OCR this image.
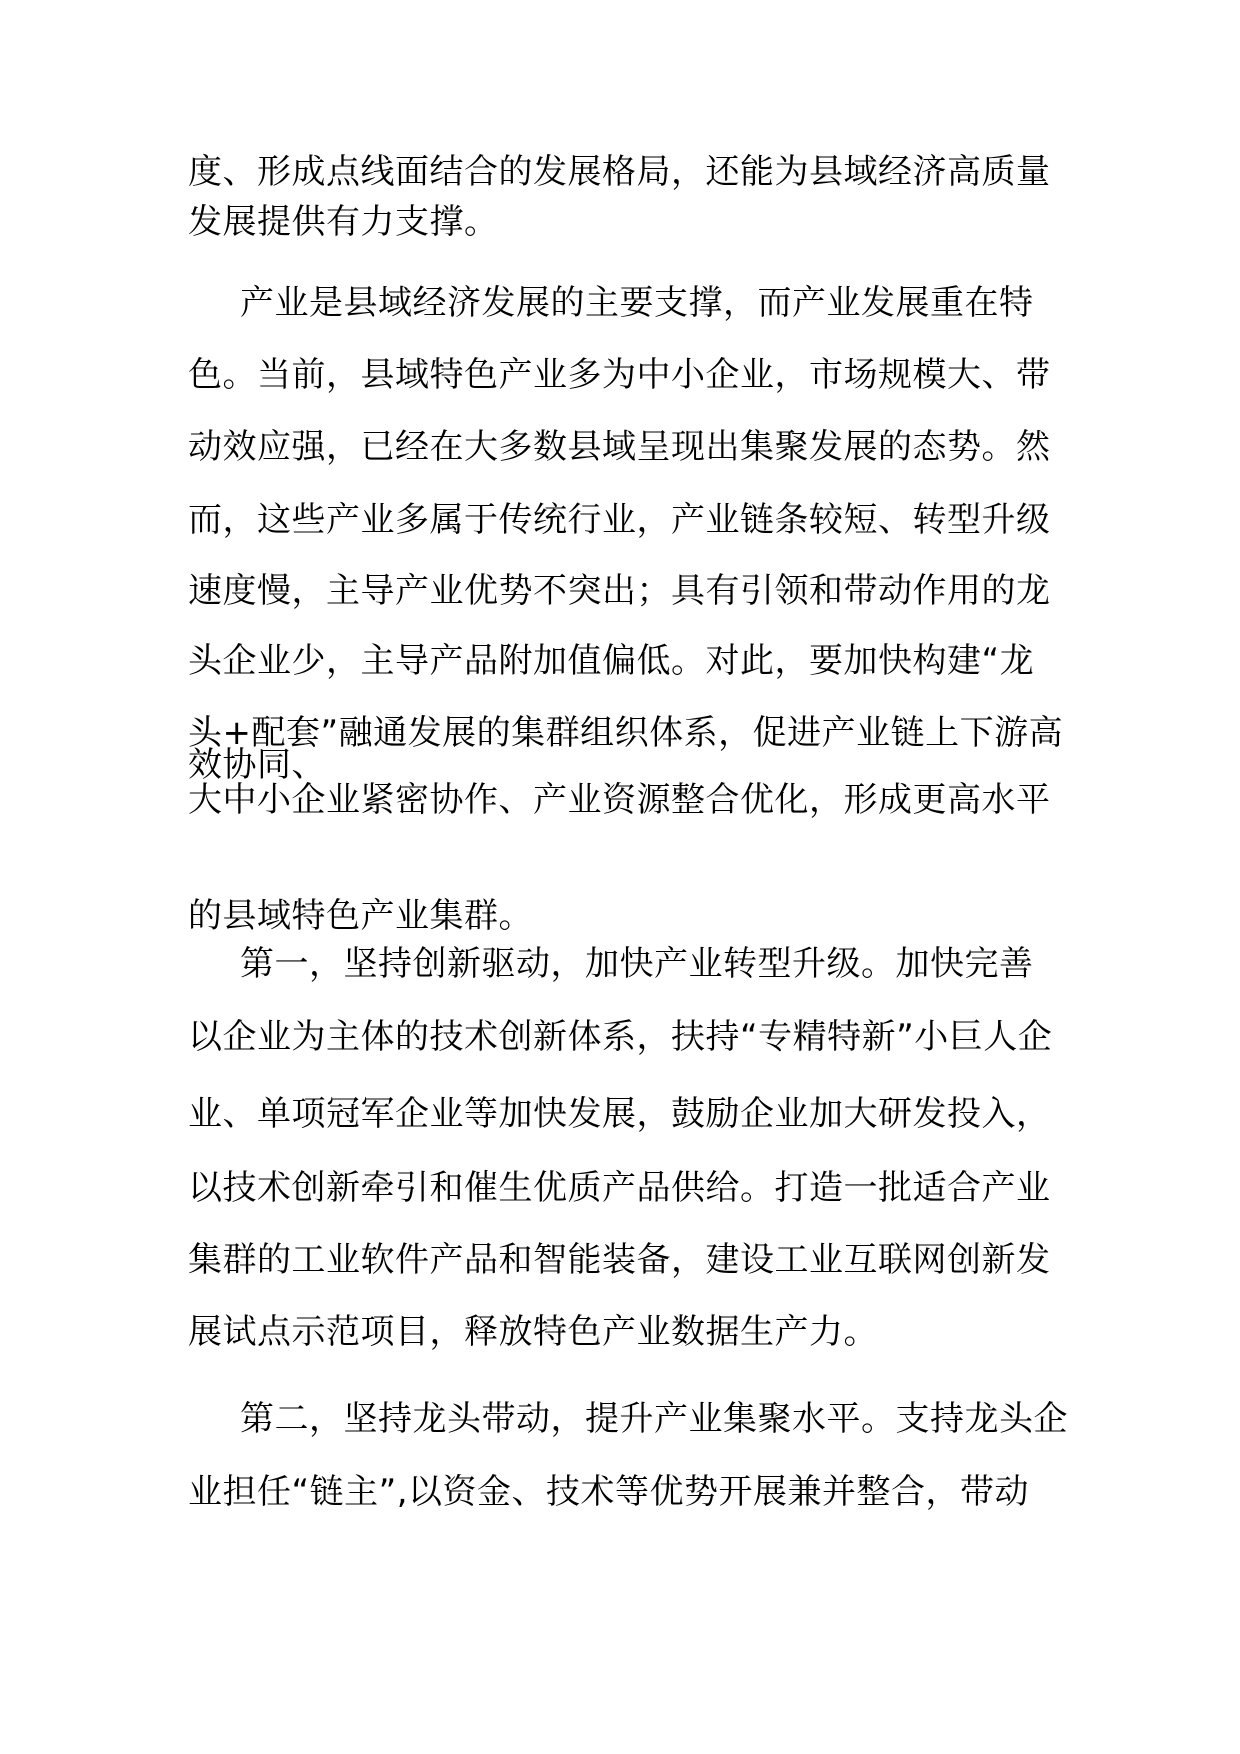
度、形成点线面结合的发展格局，还能为县域经济高质量
发展提供有力支撑。
产业是县域经济发展的主要支撑，而产业发展重在特
色。当前，县域特色产业多为中小企业，市场规模大、带
动效应强，已经在大多数县域呈现出集聚发展的态势。然
而，这些产业多属于传统行业，产业链条较短、转型升级
速度慢，主导产业优势不突出；具有引领和带动作用的龙
头企业少，主导产品附加值偏低。对此，要加快构建“龙
头+配套”融通发展的集群组织体系，促进产业链上下游高
效协同、
大中小企业紧密协作、产业资源整合优化，形成更高水平
的县域特色产业集群。
第一，坚持创新驱动，加快产业转型升级。加快完善
以企业为主体的技术创新体系，扶持“专精特新”小巨人企
业、单项冠军企业等加快发展，鼓励企业加大研发投入，
以技术创新牵引和催生优质产品供给。打造一批适合产业
集群的工业软件产品和智能装备，建设工业互联网创新发
展试点示范项目，释放特色产业数据生产力。
第二，坚持龙头带动，提升产业集聚水平。支持龙头企
业担任“链主”,以资金、技术等优势开展兼并整合，带动
